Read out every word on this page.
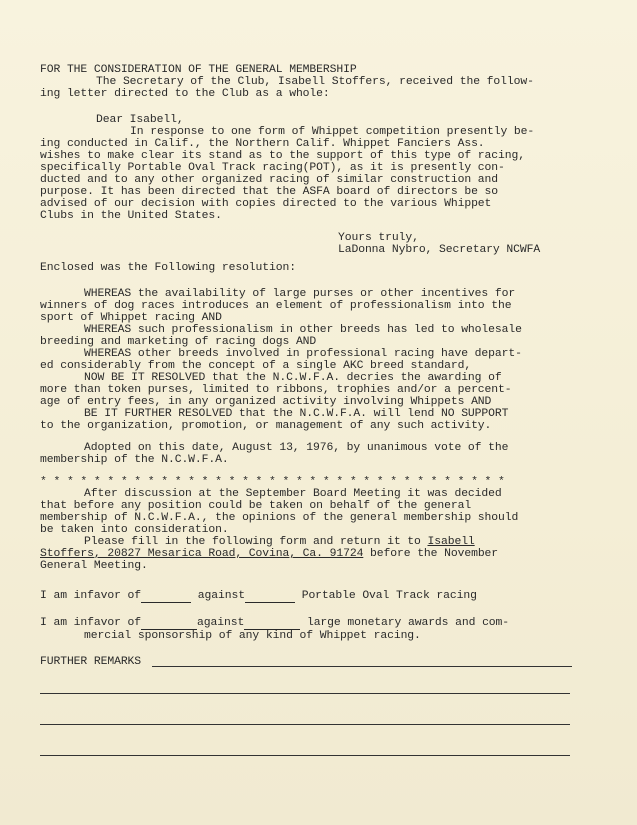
FOR THE CONSIDERATION OF THE GENERAL MEMBERSHIP
The Secretary of the Club, Isabell Stoffers, received the follow-
ing letter directed to the Club as a whole:
Dear Isabell,
In response to one form of Whippet competition presently be-
ing conducted in Calif., the Northern Calif. Whippet Fanciers Ass.
wishes to make clear its stand as to the support of this type of racing,
specifically Portable Oval Track racing(POT), as it is presently con-
ducted and to any other organized racing of similar construction and
purpose. It has been directed that the ASFA board of directors be so
advised of our decision with copies directed to the various Whippet
Clubs in the United States.
Yours truly,
LaDonna Nybro, Secretary NCWFA
Enclosed was the Following resolution:
WHEREAS the availability of large purses or other incentives for
winners of dog races introduces an element of professionalism into the
sport of Whippet racing AND
WHEREAS such professionalism in other breeds has led to wholesale
breeding and marketing of racing dogs AND
WHEREAS other breeds involved in professional racing have depart-
ed considerably from the concept of a single AKC breed standard,
NOW BE IT RESOLVED that the N.C.W.F.A. decries the awarding of
more than token purses, limited to ribbons, trophies and/or a percent-
age of entry fees, in any organized activity involving Whippets AND
BE IT FURTHER RESOLVED that the N.C.W.F.A. will lend NO SUPPORT
to the organization, promotion, or management of any such activity.
Adopted on this date, August 13, 1976, by unanimous vote of the
membership of the N.C.W.F.A.
* * * * * * * * * * * * * * * * * * * * * * * * * * * * * * * * * * *
After discussion at the September Board Meeting it was decided
that before any position could be taken on behalf of the general
membership of N.C.W.F.A., the opinions of the general membership should
be taken into consideration.
Please fill in the following form and return it to Isabell
Stoffers, 20827 Mesarica Road, Covina, Ca. 91724 before the November
General Meeting.
I am infavor of	against	Portable Oval Track racing
I am infavor of	against	large monetary awards and com-
mercial sponsorship of any kind of Whippet racing.
FURTHER REMARKS
